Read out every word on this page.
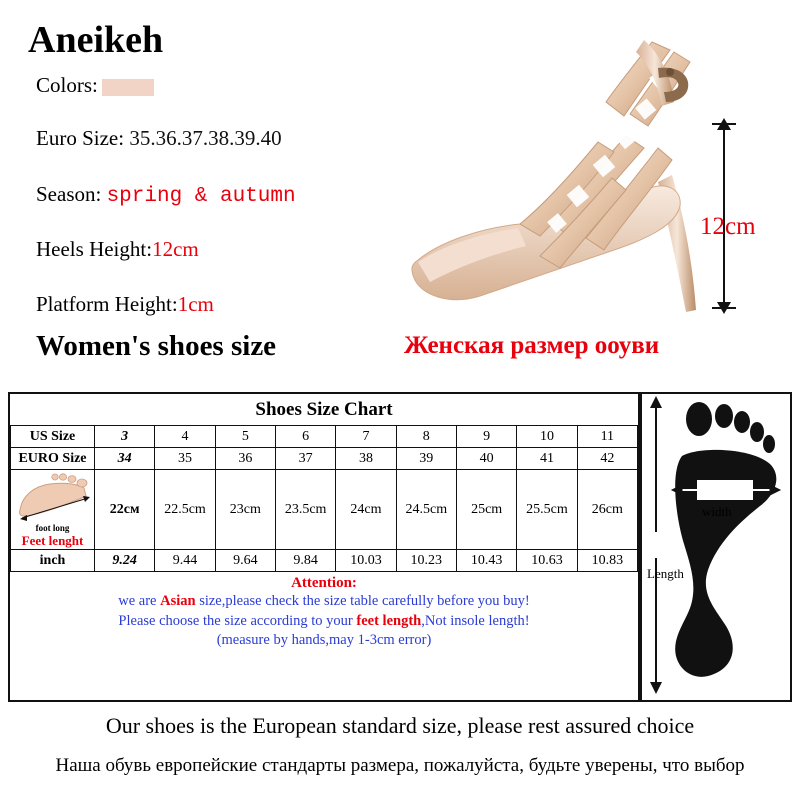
Aneikeh
Colors:
Euro Size: 35.36.37.38.39.40
Season: spring & autumn
Heels Height:12cm
Platform Height:1cm
12cm
Women's shoes size	Женская размер ооуви
Shoes Size Chart
US Size	3	4	5	6	7	8	9	10	11
EURO Size	34	35	36	37	38	39	40	41	42

foot long
Feet lenght	22см	22.5cm	23cm	23.5cm	24cm	24.5cm	25cm	25.5cm	26cm
inch	9.24	9.44	9.64	9.84	10.03	10.23	10.43	10.63	10.83
Attention:
we are Asian size,please check the size table carefully before you buy!
Please choose the size according to your feet length,Not insole length!
(measure by hands,may 1-3cm error)
width
Length
Our shoes is the European standard size, please rest assured choice
Наша обувь европейские стандарты размера, пожалуйста, будьте уверены, что выбор
